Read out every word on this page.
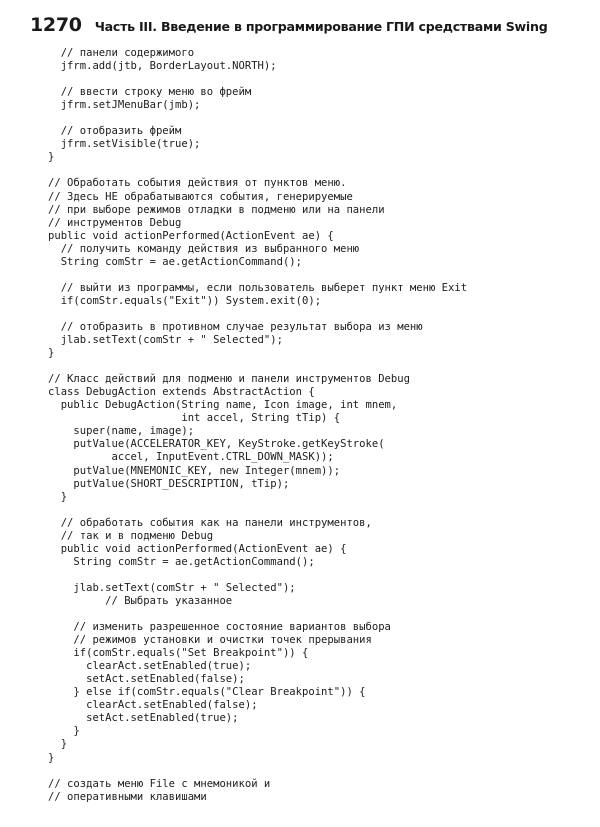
1270 Часть III. Введение в программирование ГПИ средствами Swing
// панели содержимого
jfrm.add(jtb, BorderLayout.NORTH);
// ввести строку меню во фрейм
jfrm.setJMenuBar(jmb);
// отобразить фрейм
jfrm.setVisible(true);
}
// Обработать события действия от пунктов меню.
// Здесь НЕ обрабатываются события, генерируемые
// при выборе режимов отладки в подменю или на панели
// инструментов Debug
public void actionPerformed(ActionEvent ae) {
// получить команду действия из выбранного меню
String comStr = ae.getActionCommand();
// выйти из программы, если пользователь выберет пункт меню Exit
if(comStr.equals("Exit")) System.exit(0);
// отобразить в противном случае результат выбора из меню
jlab.setText(comStr + " Selected");
}
// Класс действий для подменю и панели инструментов Debug
class DebugAction extends AbstractAction {
public DebugAction(String name, Icon image, int mnem,
int accel, String tTip) {
super(name, image);
putValue(ACCELERATOR_KEY, KeyStroke.getKeyStroke(
accel, InputEvent.CTRL_DOWN_MASK));
putValue(MNEMONIC_KEY, new Integer(mnem));
putValue(SHORT_DESCRIPTION, tTip);
}
// обработать события как на панели инструментов,
// так и в подменю Debug
public void actionPerformed(ActionEvent ae) {
String comStr = ae.getActionCommand();
jlab.setText(comStr + " Selected");
// Выбрать указанное
// изменить разрешенное состояние вариантов выбора
// режимов установки и очистки точек прерывания
if(comStr.equals("Set Breakpoint")) {
clearAct.setEnabled(true);
setAct.setEnabled(false);
} else if(comStr.equals("Clear Breakpoint")) {
clearAct.setEnabled(false);
setAct.setEnabled(true);
}
}
}
// создать меню File с мнемоникой и
// оперативными клавишами
